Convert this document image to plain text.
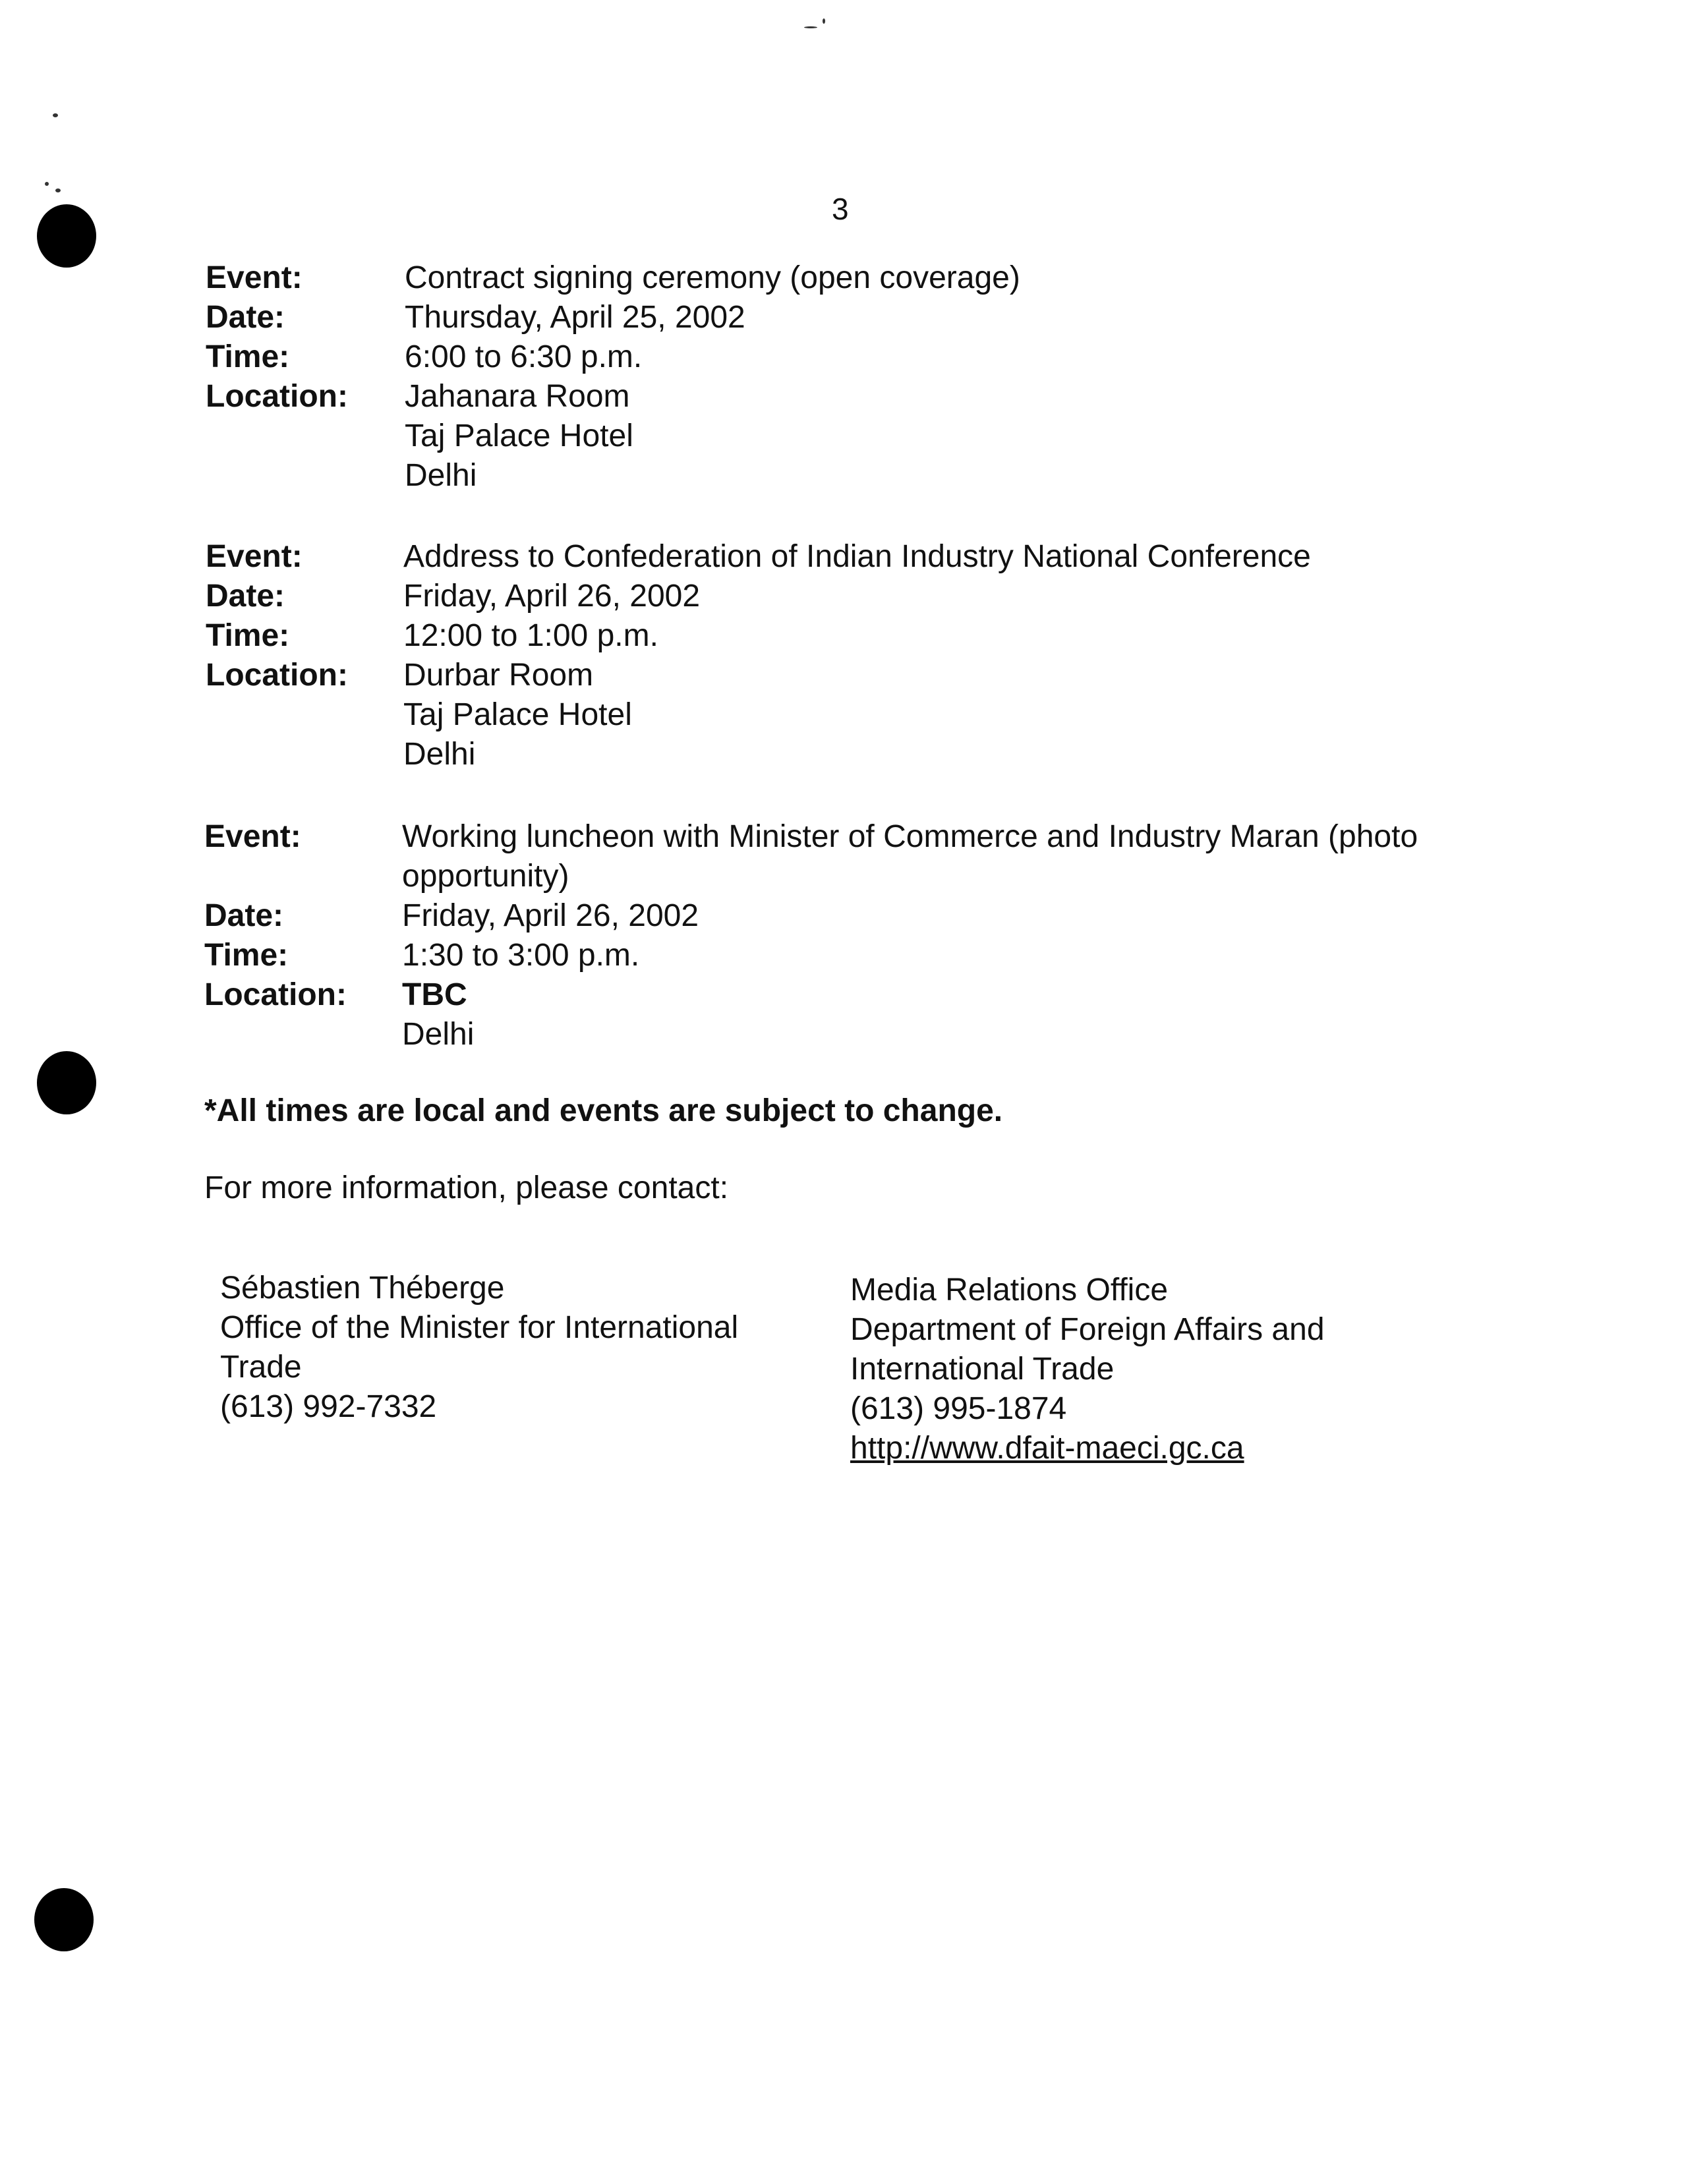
3
Event:	Contract signing ceremony (open coverage)
Date:	Thursday, April 25, 2002
Time:	6:00 to 6:30 p.m.
Location: Jahanara Room
Taj Palace Hotel
Delhi
Event:	Address to Confederation of Indian Industry National Conference
Date:	Friday, April 26, 2002
Time:	12:00 to 1:00 p.m.
Location: Durbar Room
Taj Palace Hotel
Delhi
Event:	Working luncheon with Minister of Commerce and Industry Maran (photo opportunity)
Date:	Friday, April 26, 2002
Time:	1:30 to 3:00 p.m.
Location: TBC
Delhi
*All times are local and events are subject to change.
For more information, please contact:
Sébastien Théberge
Office of the Minister for International
Trade
(613) 992-7332
Media Relations Office
Department of Foreign Affairs and
International Trade
(613) 995-1874
http://www.dfait-maeci.gc.ca
